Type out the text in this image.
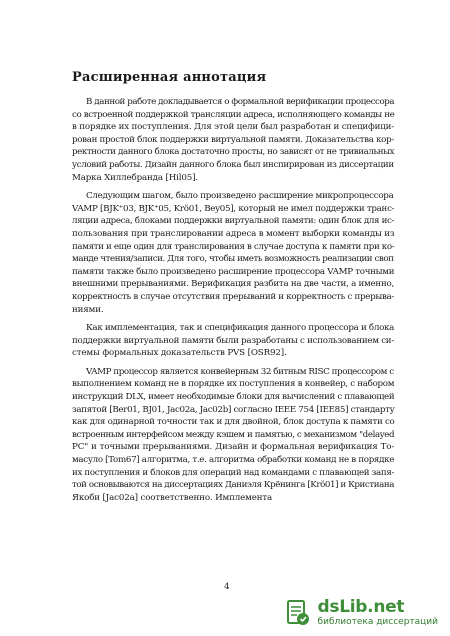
Расширенная аннотация
В данной работе докладывается о формальной верификации процессора
со встроенной поддержкой трансляции адреса, исполняющего команды не
в порядке их поступления. Для этой цели был разработан и специфици-
рован простой блок поддержки виртуальной памяти. Доказательства кор-
ректности данного блока достаточно просты, но зависят от не тривиальных
условий работы. Дизайн данного блока был инспирирован из диссертации
Марка Хиллебранда [Hil05].
Следующим шагом, было произведено расширение микропроцессора
VAMP [BJK⁺03, BJK⁺05, Krö01, Bey05], который не имел поддержки транс-
ляции адреса, блоками поддержки виртуальной памяти: один блок для ис-
пользования при транслировании адреса в момент выборки команды из
памяти и еще один для транслирования в случае доступа к памяти при ко-
манде чтения/записи. Для того, чтобы иметь возможность реализации своп
памяти также было произведено расширение процессора VAMP точными
внешними прерываниями. Верификация разбита на две части, а именно,
корректность в случае отсутствия прерываний и корректность с прерыва-
ниями.
Как имплементация, так и спецификация данного процессора и блока
поддержки виртуальной памяти были разработаны с использованием си-
стемы формальных доказательств PVS [OSR92].
VAMP процессор является конвейерным 32 битным RISC процессором с
выполнением команд не в порядке их поступления в конвейер, с набором
инструкций DLX, имеет необходимые блоки для вычислений с плавающей
запятой [Ber01, BJ01, Jac02a, Jac02b] согласно IEEE 754 [IEE85] стандарту
как для одинарной точности так и для двойной, блок доступа к памяти со
встроенным интерфейсом между кэшем и памятью, с механизмом "delayed
PC" и точными прерываниями. Дизайн и формальная верификация То-
масуло [Tom67] алгоритма, т.е. алгоритма обработки команд не в порядке
их поступления и блоков для операций над командами с плавающей запя-
той основываются на диссертациях Даниэля Крёнинга [Krö01] и Кристиана
Якоби [Jac02a] соответственно. Имплемента
4
dsLib.net
библиотека диссертаций
